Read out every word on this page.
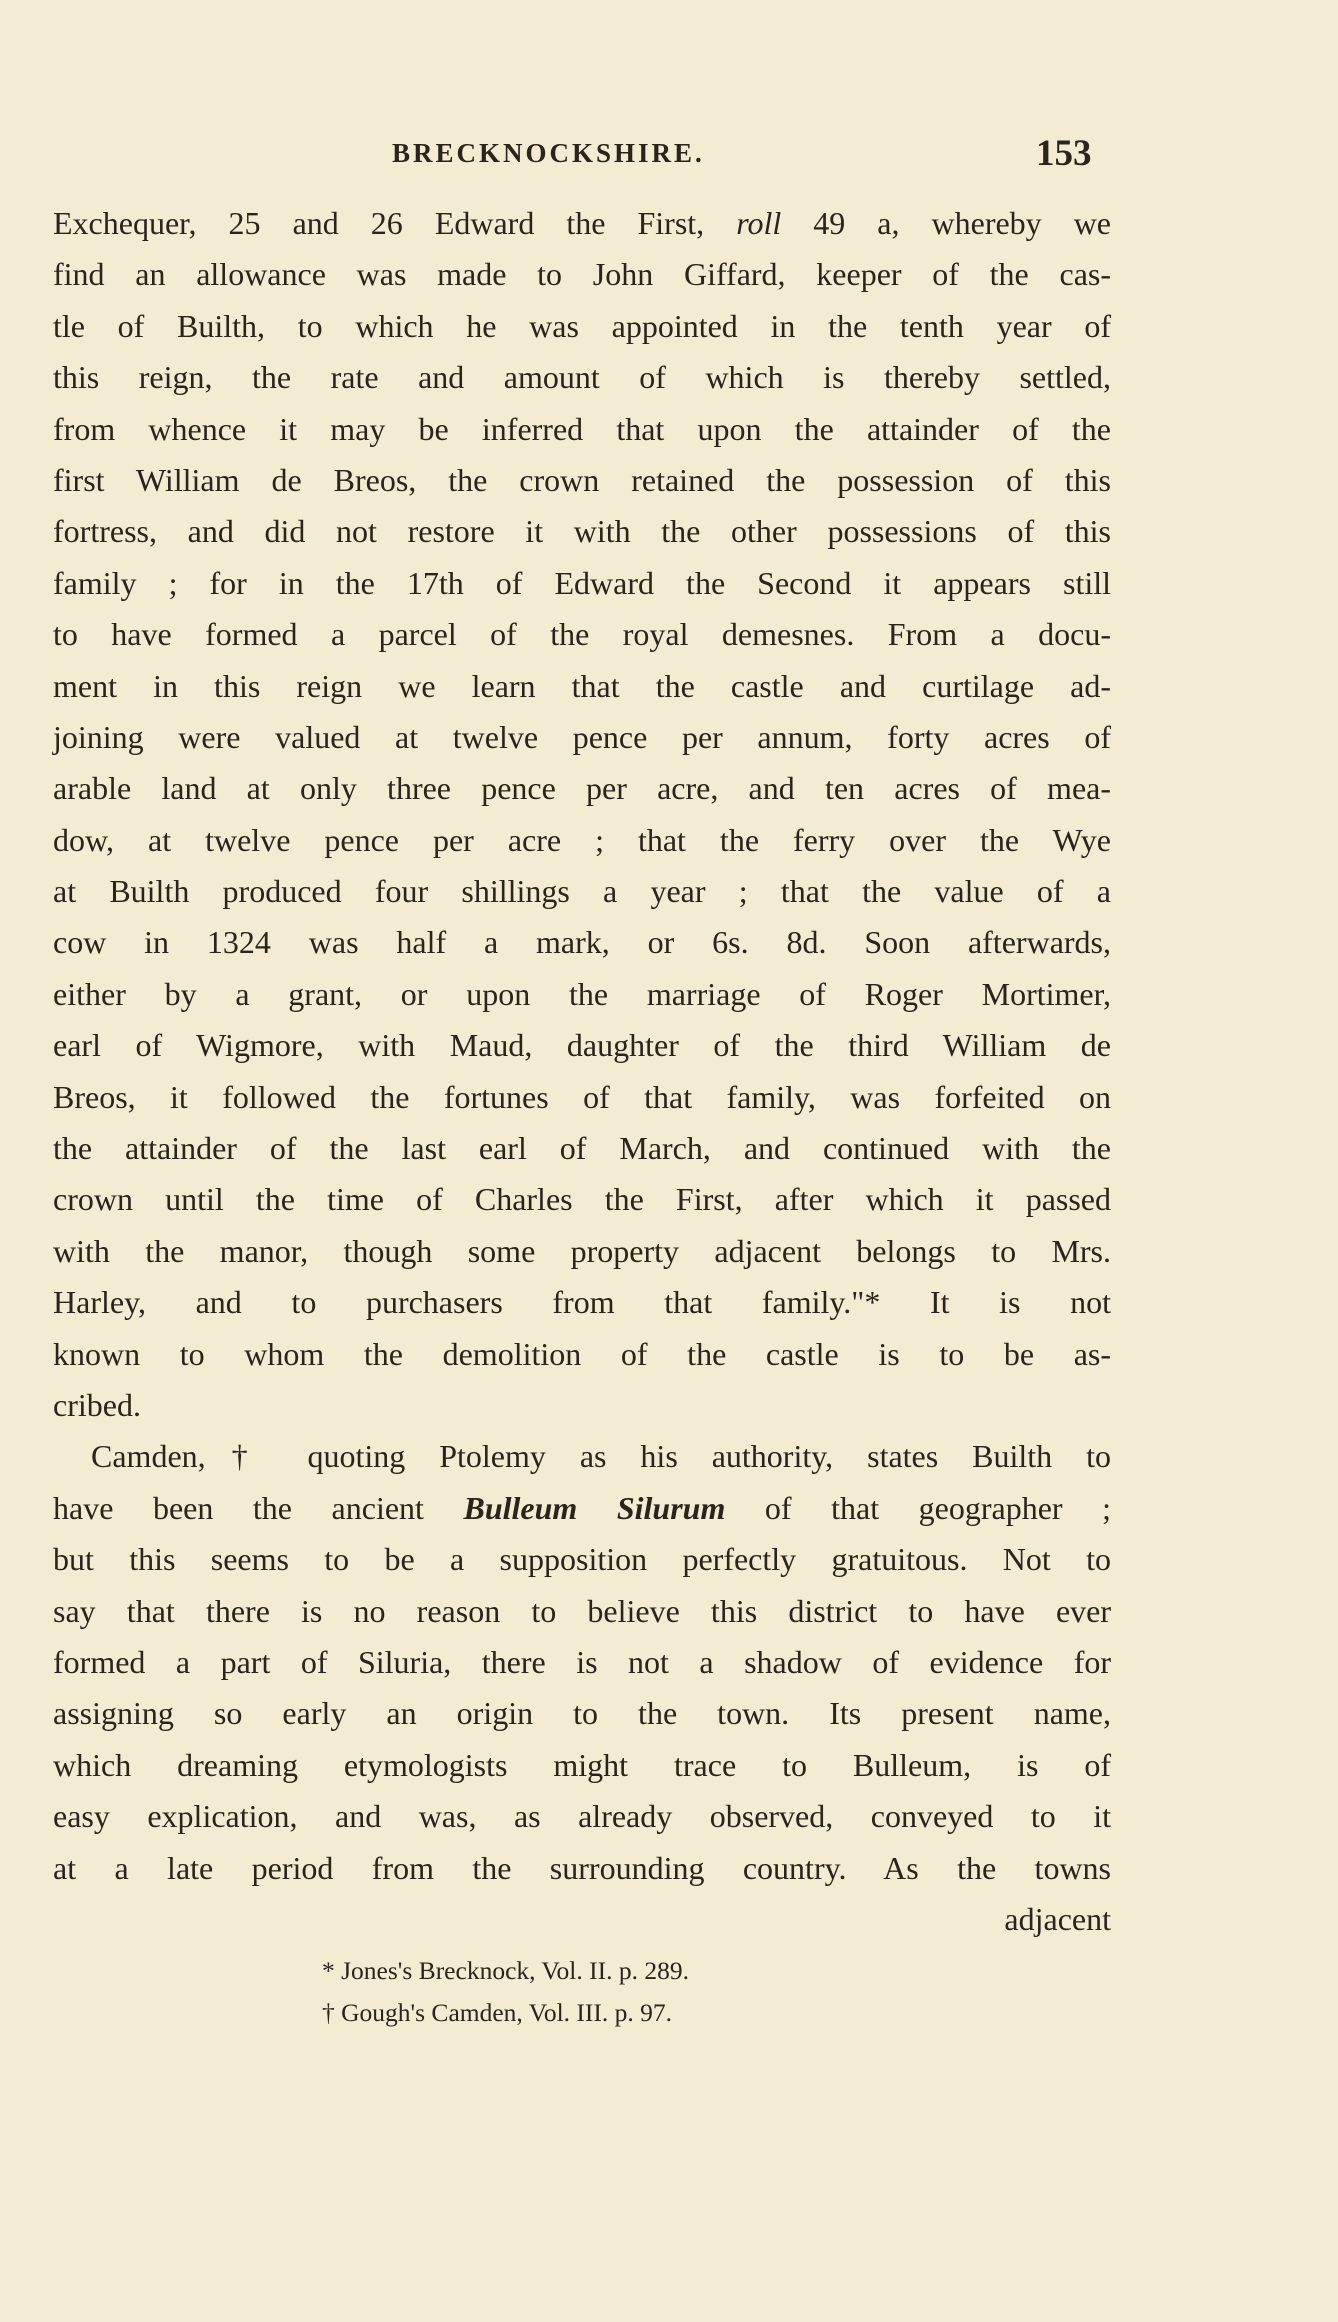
BRECKNOCKSHIRE.	153
Exchequer, 25 and 26 Edward the First, roll 49 a, whereby we
find an allowance was made to John Giffard, keeper of the cas-
tle of Builth, to which he was appointed in the tenth year of
this reign, the rate and amount of which is thereby settled,
from whence it may be inferred that upon the attainder of the
first William de Breos, the crown retained the possession of this
fortress, and did not restore it with the other possessions of this
family ; for in the 17th of Edward the Second it appears still
to have formed a parcel of the royal demesnes. From a docu-
ment in this reign we learn that the castle and curtilage ad-
joining were valued at twelve pence per annum, forty acres of
arable land at only three pence per acre, and ten acres of mea-
dow, at twelve pence per acre ; that the ferry over the Wye
at Builth produced four shillings a year ; that the value of a
cow in 1324 was half a mark, or 6s. 8d. Soon afterwards,
either by a grant, or upon the marriage of Roger Mortimer,
earl of Wigmore, with Maud, daughter of the third William de
Breos, it followed the fortunes of that family, was forfeited on
the attainder of the last earl of March, and continued with the
crown until the time of Charles the First, after which it passed
with the manor, though some property adjacent belongs to Mrs.
Harley, and to purchasers from that family."* It is not
known to whom the demolition of the castle is to be as-
cribed.
Camden,† quoting Ptolemy as his authority, states Builth to
have been the ancient Bulleum Silurum of that geographer ;
but this seems to be a supposition perfectly gratuitous. Not to
say that there is no reason to believe this district to have ever
formed a part of Siluria, there is not a shadow of evidence for
assigning so early an origin to the town. Its present name,
which dreaming etymologists might trace to Bulleum, is of
easy explication, and was, as already observed, conveyed to it
at a late period from the surrounding country. As the towns
adjacent
* Jones's Brecknock, Vol. II. p. 289.
† Gough's Camden, Vol. III. p. 97.
